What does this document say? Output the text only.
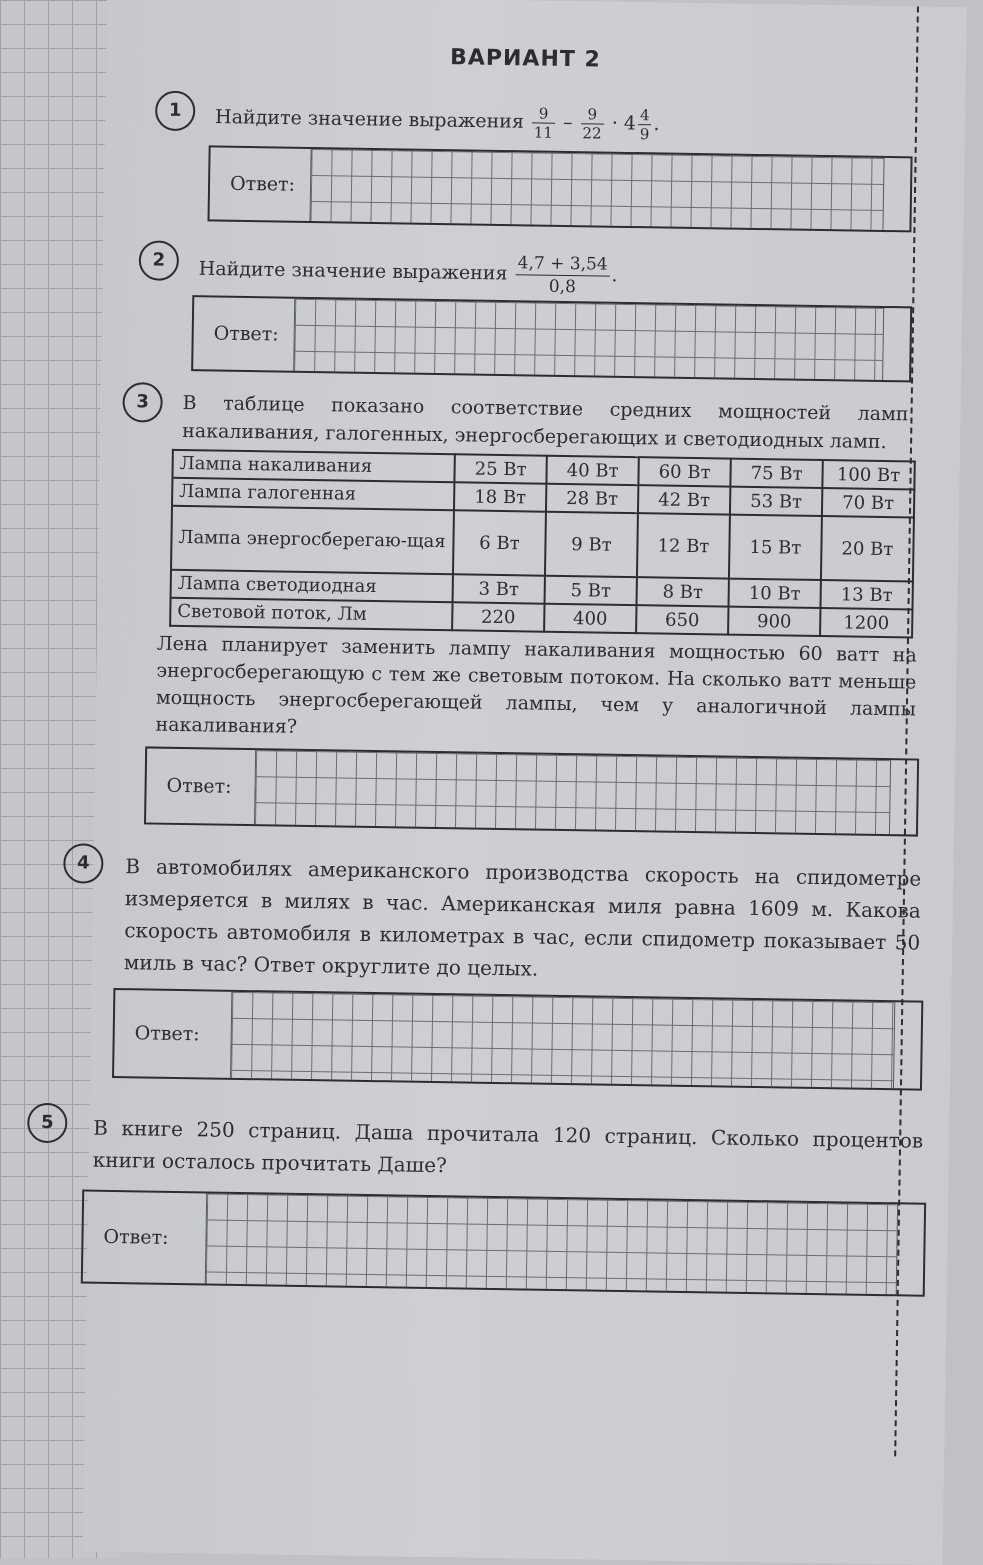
ВАРИАНТ 2
1	Найдите значение выражения $\frac{9}{11} - \frac{9}{22} \cdot 4 \frac{4}{9}$ .
Ответ:
2	Найдите значение выражения $\frac{4,7 + 3,54}{0,8}$ .
Ответ:
3	В таблице показано соответствие средних мощностей ламп накаливания, галогенных, энергосберегающих и светодиодных ламп.
Лампа накаливания	25 Вт	40 Вт	60 Вт	75 Вт	100 Вт
Лампа галогенная	18 Вт	28 Вт	42 Вт	53 Вт	70 Вт
Лампа энергосберегаю-щая	6 Вт	9 Вт	12 Вт	15 Вт	20 Вт
Лампа светодиодная	3 Вт	5 Вт	8 Вт	10 Вт	13 Вт
Световой поток, Лм	220	400	650	900	1200
Лена планирует заменить лампу накаливания мощностью 60 ватт на энергосберегающую с тем же световым потоком. На сколько ватт меньше мощность энергосберегающей лампы, чем у аналогичной лампы накаливания?
Ответ:
4	В автомобилях американского производства скорость на спидометре измеряется в милях в час. Американская миля равна 1609 м. Какова скорость автомобиля в километрах в час, если спидометр показывает 50 миль в час? Ответ округлите до целых.
Ответ:
5	В книге 250 страниц. Даша прочитала 120 страниц. Сколько процентов книги осталось прочитать Даше?
Ответ:
